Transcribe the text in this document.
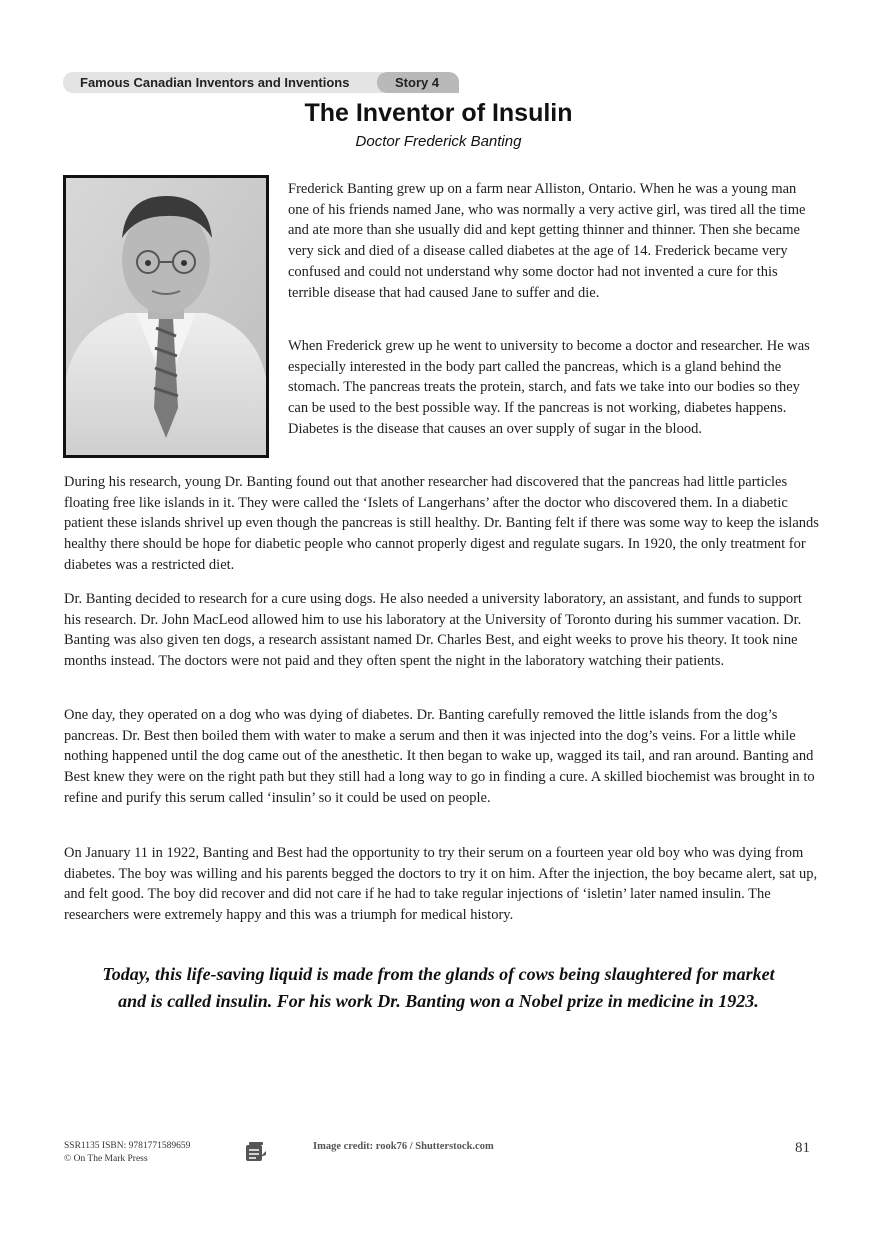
Famous Canadian Inventors and Inventions	Story 4
The Inventor of Insulin
Doctor Frederick Banting

Frederick Banting grew up on a farm near Alliston, Ontario. When he was a young man one of his friends named Jane, who was normally a very active girl, was tired all the time and ate more than she usually did and kept getting thinner and thinner. Then she became very sick and died of a disease called diabetes at the age of 14. Frederick became very confused and could not understand why some doctor had not invented a cure for this terrible disease that had caused Jane to suffer and die.

When Frederick grew up he went to university to become a doctor and researcher. He was especially interested in the body part called the pancreas, which is a gland behind the stomach. The pancreas treats the protein, starch, and fats we take into our bodies so they can be used to the best possible way. If the pancreas is not working, diabetes happens. Diabetes is the disease that causes an over supply of sugar in the blood.

During his research, young Dr. Banting found out that another researcher had discovered that the pancreas had little particles floating free like islands in it. They were called the ‘Islets of Langerhans’ after the doctor who discovered them. In a diabetic patient these islands shrivel up even though the pancreas is still healthy. Dr. Banting felt if there was some way to keep the islands healthy there should be hope for diabetic people who cannot properly digest and regulate sugars. In 1920, the only treatment for diabetes was a restricted diet.

Dr. Banting decided to research for a cure using dogs. He also needed a university laboratory, an assistant, and funds to support his research. Dr. John MacLeod allowed him to use his laboratory at the University of Toronto during his summer vacation. Dr. Banting was also given ten dogs, a research assistant named Dr. Charles Best, and eight weeks to prove his theory. It took nine months instead. The doctors were not paid and they often spent the night in the laboratory watching their patients.

One day, they operated on a dog who was dying of diabetes. Dr. Banting carefully removed the little islands from the dog’s pancreas. Dr. Best then boiled them with water to make a serum and then it was injected into the dog’s veins. For a little while nothing happened until the dog came out of the anesthetic. It then began to wake up, wagged its tail, and ran around. Banting and Best knew they were on the right path but they still had a long way to go in finding a cure. A skilled biochemist was brought in to refine and purify this serum called ‘insulin’ so it could be used on people.

On January 11 in 1922, Banting and Best had the opportunity to try their serum on a fourteen year old boy who was dying from diabetes. The boy was willing and his parents begged the doctors to try it on him. After the injection, the boy became alert, sat up, and felt good. The boy did recover and did not care if he had to take regular injections of ‘isletin’ later named insulin. The researchers were extremely happy and this was a triumph for medical history.

Today, this life-saving liquid is made from the glands of cows being slaughtered for market and is called insulin. For his work Dr. Banting won a Nobel prize in medicine in 1923.

SSR1135 ISBN: 9781771589659
© On The Mark Press
Image credit: rook76 / Shutterstock.com	81
